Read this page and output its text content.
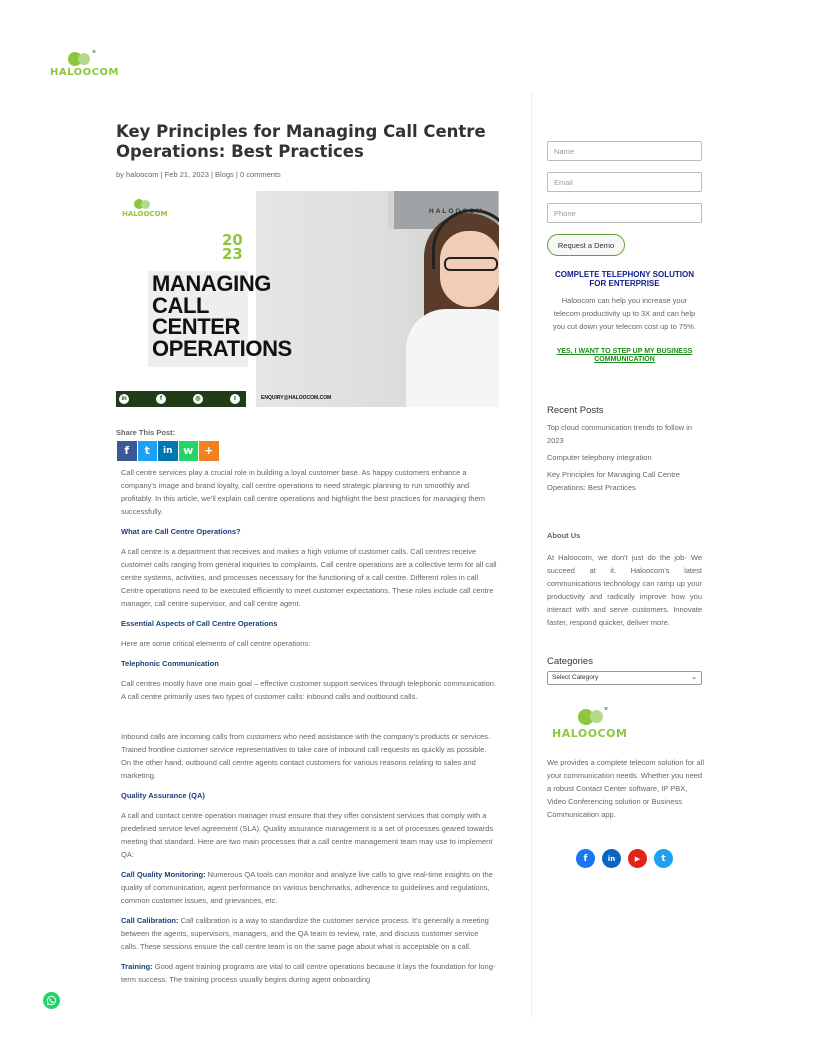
×
HALOOCOM
Key Principles for Managing Call Centre Operations: Best Practices
by haloocom | Feb 21, 2023 | Blogs | 0 comments
HALOOCOM
20
23
HALOOCOM
MANAGING
CALL
CENTER
OPERATIONS
in	f	◎	t	ENQUIRY@HALOOCOM.COM
Share This Post:
f t in w +

Call centre services play a crucial role in building a loyal customer base. As happy customers enhance a company's image and brand loyalty, call centre operations to need strategic planning to run smoothly and profitably. In this article, we'll explain call centre operations and highlight the best practices for managing them successfully.

What are Call Centre Operations?

A call centre is a department that receives and makes a high volume of customer calls. Call centres receive customer calls ranging from general inquiries to complaints. Call centre operations are a collective term for all call centre systems, activities, and processes necessary for the functioning of a call centre. Different roles in call Centre operations need to be executed efficiently to meet customer expectations. These roles include call centre manager, call centre supervisor, and call centre agent.

Essential Aspects of Call Centre Operations

Here are some critical elements of call centre operations:

Telephonic Communication

Call centres mostly have one main goal – effective customer support services through telephonic communication. A call centre primarily uses two types of customer calls: inbound calls and outbound calls.

Inbound calls are incoming calls from customers who need assistance with the company's products or services. Trained frontline customer service representatives to take care of inbound call requests as quickly as possible. On the other hand, outbound call centre agents contact customers for various reasons relating to sales and marketing.

Quality Assurance (QA)

A call and contact centre operation manager must ensure that they offer consistent services that comply with a predefined service level agreement (SLA). Quality assurance management is a set of processes geared towards meeting that standard. Here are two main processes that a call centre management team may use to implement QA:

Call Quality Monitoring: Numerous QA tools can monitor and analyze live calls to give real-time insights on the quality of communication, agent performance on various benchmarks, adherence to guidelines and regulations, common customer issues, and grievances, etc.

Call Calibration: Call calibration is a way to standardize the customer service process. It's generally a meeting between the agents, supervisors, managers, and the QA team to review, rate, and discuss customer service calls. These sessions ensure the call centre team is on the same page about what is acceptable on a call.

Training: Good agent training programs are vital to call centre operations because it lays the foundation for long-term success. The training process usually begins during agent onboarding

Name
Email
Phone
Request a Demo
COMPLETE TELEPHONY SOLUTION FOR ENTERPRISE
Haloocom can help you increase your telecom productivity up to 3X and can help you cut down your telecom cost up to 75%.
YES, I WANT TO STEP UP MY BUSINESS COMMUNICATION
Recent Posts
Top cloud communication trends to follow in 2023
Computer telephony integration
Key Principles for Managing Call Centre Operations: Best Practices
About Us
At Haloocom, we don't just do the job- We succeed at it. Haloocom's latest communications technology can ramp up your productivity and radically improve how you interact with and serve customers. Innovate faster, respond quicker, deliver more.
Categories
Select Category	⌄
×
HALOOCOM
We provides a complete telecom solution for all your communication needs. Whether you need a robust Contact Center software, IP PBX, Video Conferencing solution or Business Communication app.
f	in	▶ t
